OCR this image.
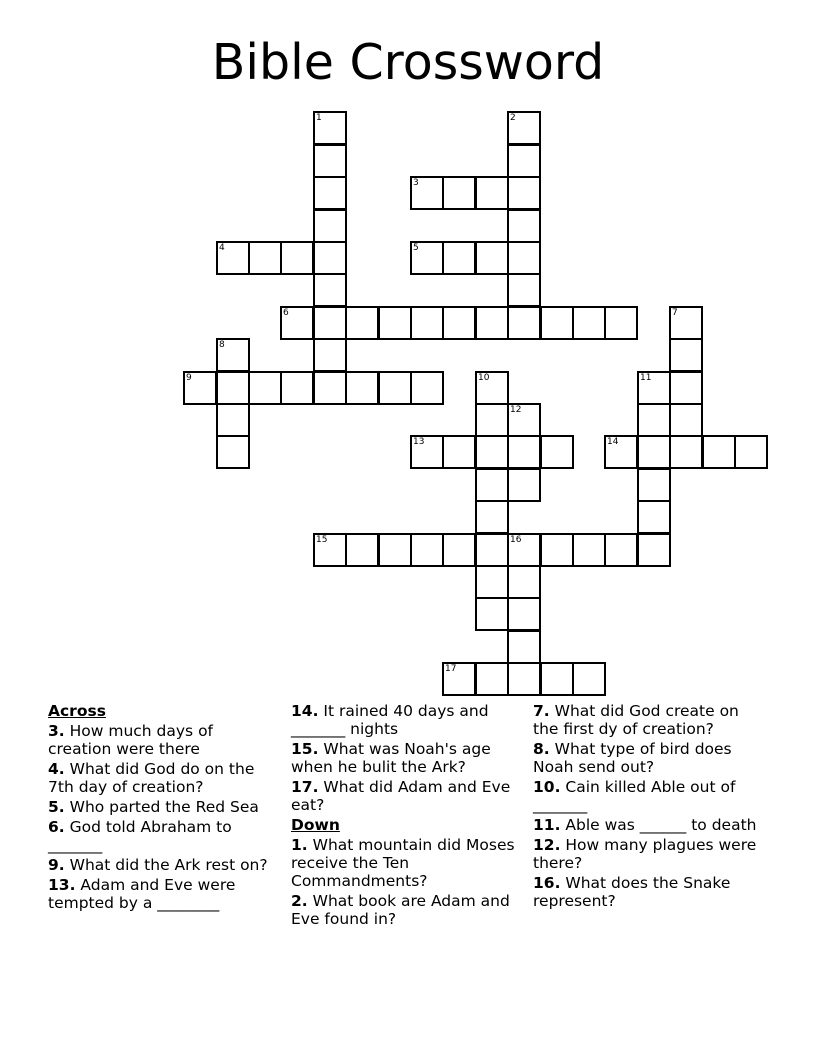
Bible Crossword
1	2
3
4	5
6	7
8
9	10	11
12
13	14
15	16
17
Across
3. How much days of creation were there
4. What did God do on the 7th day of creation?
5. Who parted the Red Sea
6. God told Abraham to _______
9. What did the Ark rest on?
13. Adam and Eve were tempted by a ________
14. It rained 40 days and _______ nights
15. What was Noah's age when he bulit the Ark?
17. What did Adam and Eve eat?
Down
1. What mountain did Moses receive the Ten Commandments?
2. What book are Adam and Eve found in?
7. What did God create on the first dy of creation?
8. What type of bird does Noah send out?
10. Cain killed Able out of _______
11. Able was ______ to death
12. How many plagues were there?
16. What does the Snake represent?
